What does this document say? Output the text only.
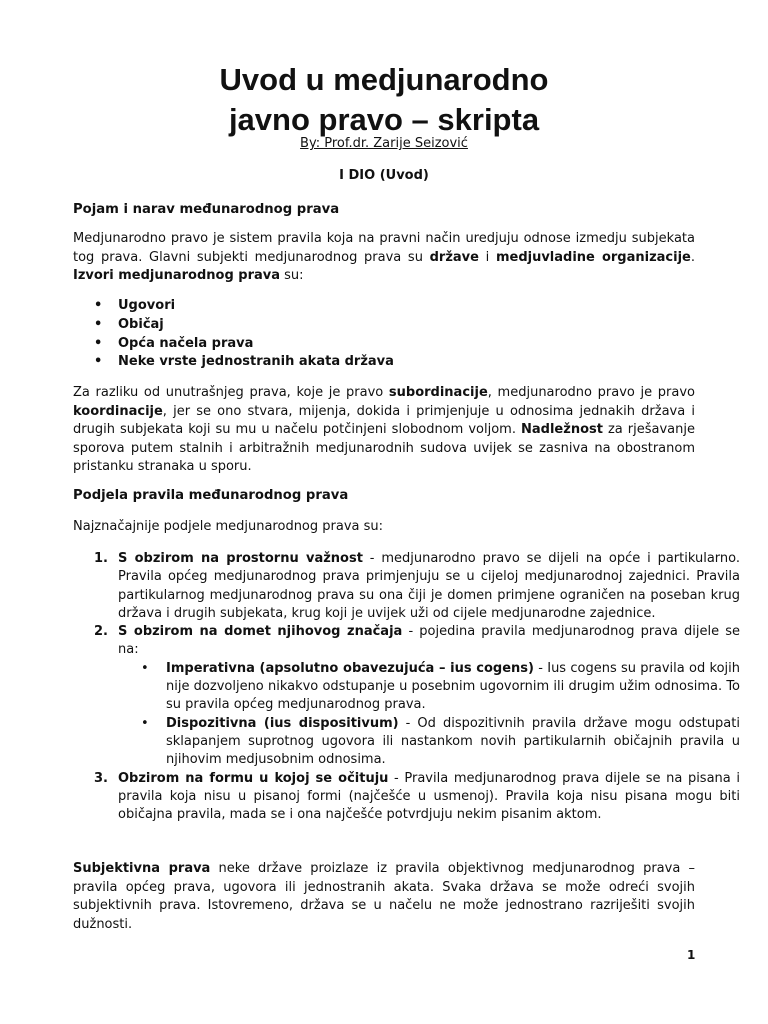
Uvod u medjunarodno
javno pravo – skripta
By: Prof.dr. Zarije Seizović
I DIO (Uvod)
Pojam i narav međunarodnog prava
Medjunarodno pravo je sistem pravila koja na pravni način uredjuju odnose izmedju subjekata tog prava. Glavni subjekti medjunarodnog prava su države i medjuvladine organizacije. Izvori medjunarodnog prava su:
• Ugovori
• Običaj
• Opća načela prava
• Neke vrste jednostranih akata država
Za razliku od unutrašnjeg prava, koje je pravo subordinacije, medjunarodno pravo je pravo koordinacije, jer se ono stvara, mijenja, dokida i primjenjuje u odnosima jednakih država i drugih subjekata koji su mu u načelu potčinjeni slobodnom voljom. Nadležnost za rješavanje sporova putem stalnih i arbitražnih medjunarodnih sudova uvijek se zasniva na obostranom pristanku stranaka u sporu.
Podjela pravila međunarodnog prava
Najznačajnije podjele medjunarodnog prava su:
1. S obzirom na prostornu važnost - medjunarodno pravo se dijeli na opće i partikularno. Pravila općeg medjunarodnog prava primjenjuju se u cijeloj medjunarodnoj zajednici. Pravila partikularnog medjunarodnog prava su ona čiji je domen primjene ograničen na poseban krug država i drugih subjekata, krug koji je uvijek uži od cijele medjunarodne zajednice.
2. S obzirom na domet njihovog značaja - pojedina pravila medjunarodnog prava dijele se na:
• Imperativna (apsolutno obavezujuća – ius cogens) - Ius cogens su pravila od kojih nije dozvoljeno nikakvo odstupanje u posebnim ugovornim ili drugim užim odnosima. To su pravila općeg medjunarodnog prava.
• Dispozitivna (ius dispositivum) - Od dispozitivnih pravila države mogu odstupati sklapanjem suprotnog ugovora ili nastankom novih partikularnih običajnih pravila u njihovim medjusobnim odnosima.
3. Obzirom na formu u kojoj se očituju - Pravila medjunarodnog prava dijele se na pisana i pravila koja nisu u pisanoj formi (najčešće u usmenoj). Pravila koja nisu pisana mogu biti običajna pravila, mada se i ona najčešće potvrdjuju nekim pisanim aktom.
Subjektivna prava neke države proizlaze iz pravila objektivnog medjunarodnog prava – pravila općeg prava, ugovora ili jednostranih akata. Svaka država se može odreći svojih subjektivnih prava. Istovremeno, država se u načelu ne može jednostrano razriješiti svojih dužnosti.
1
